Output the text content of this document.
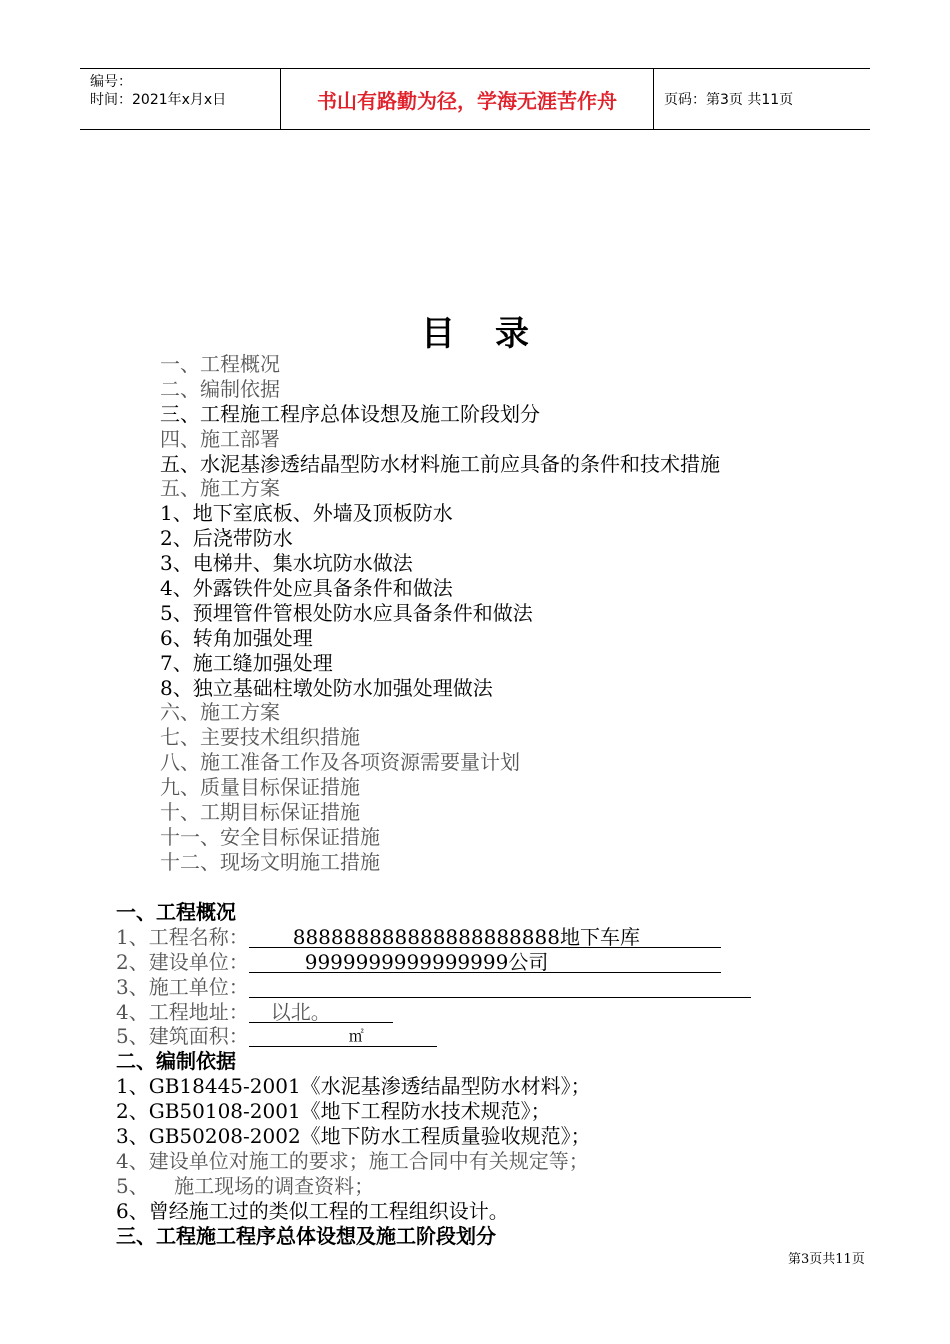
编号：
时间：2021年x月x日	书山有路勤为径，学海无涯苦作舟	页码：第3页 共11页
目录
一、工程概况
二、编制依据
三、工程施工程序总体设想及施工阶段划分
四、施工部署
五、水泥基渗透结晶型防水材料施工前应具备的条件和技术措施
五、施工方案
1、地下室底板、外墙及顶板防水
2、后浇带防水
3、电梯井、集水坑防水做法
4、外露铁件处应具备条件和做法
5、预埋管件管根处防水应具备条件和做法
6、转角加强处理
7、施工缝加强处理
8、独立基础柱墩处防水加强处理做法
六、施工方案
七、主要技术组织措施
八、施工准备工作及各项资源需要量计划
九、质量目标保证措施
十、工期目标保证措施
十一、安全目标保证措施
十二、现场文明施工措施
一、工程概况
1、工程名称： 888888888888888888888地下车库
2、建设单位：	9999999999999999公司
3、施工单位：
4、工程地址： 以北。
5、建筑面积：	㎡
二、编制依据
1、GB18445-2001《水泥基渗透结晶型防水材料》；
2、GB50108-2001《地下工程防水技术规范》；
3、GB50208-2002《地下防水工程质量验收规范》；
4、建设单位对施工的要求；施工合同中有关规定等；
5、    施工现场的调查资料；
6、曾经施工过的类似工程的工程组织设计。
三、工程施工程序总体设想及施工阶段划分
第3页共11页
